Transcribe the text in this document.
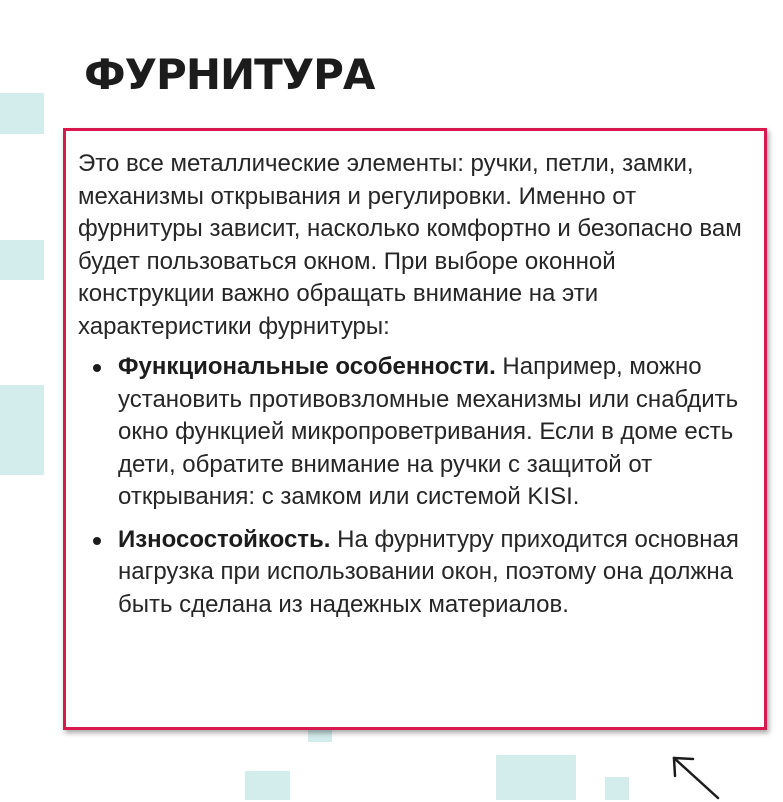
ФУРНИТУРА

Это все металлические элементы: ручки, петли, замки, механизмы открывания и регулировки. Именно от фурнитуры зависит, насколько комфортно и безопасно вам будет пользоваться окном. При выборе оконной конструкции важно обращать внимание на эти характеристики фурнитуры:

Функциональные особенности. Например, можно установить противовзломные механизмы или снабдить окно функцией микропроветривания. Если в доме есть дети, обратите внимание на ручки с защитой от открывания: с замком или системой KISI.
Износостойкость. На фурнитуру приходится основная нагрузка при использовании окон, поэтому она должна быть сделана из надежных материалов.
